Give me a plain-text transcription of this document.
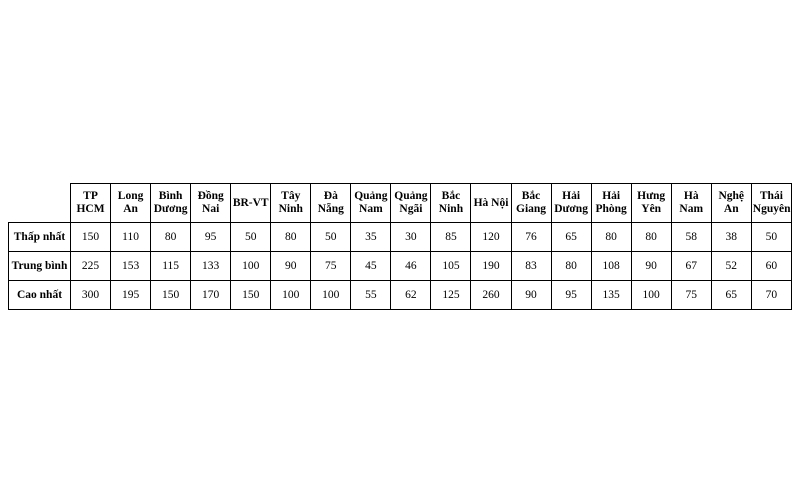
	TP HCM	Long An	Bình Dương	Đồng Nai	BR-VT	Tây Ninh	Đà Nẵng	Quảng Nam	Quảng Ngãi	Bắc Ninh	Hà Nội	Bắc Giang	Hải Dương	Hải Phòng	Hưng Yên	Hà Nam	Nghệ An	Thái Nguyên
Thấp nhất	150	110	80	95	50	80	50	35	30	85	120	76	65	80	80	58	38	50
Trung bình	225	153	115	133	100	90	75	45	46	105	190	83	80	108	90	67	52	60
Cao nhất	300	195	150	170	150	100	100	55	62	125	260	90	95	135	100	75	65	70
